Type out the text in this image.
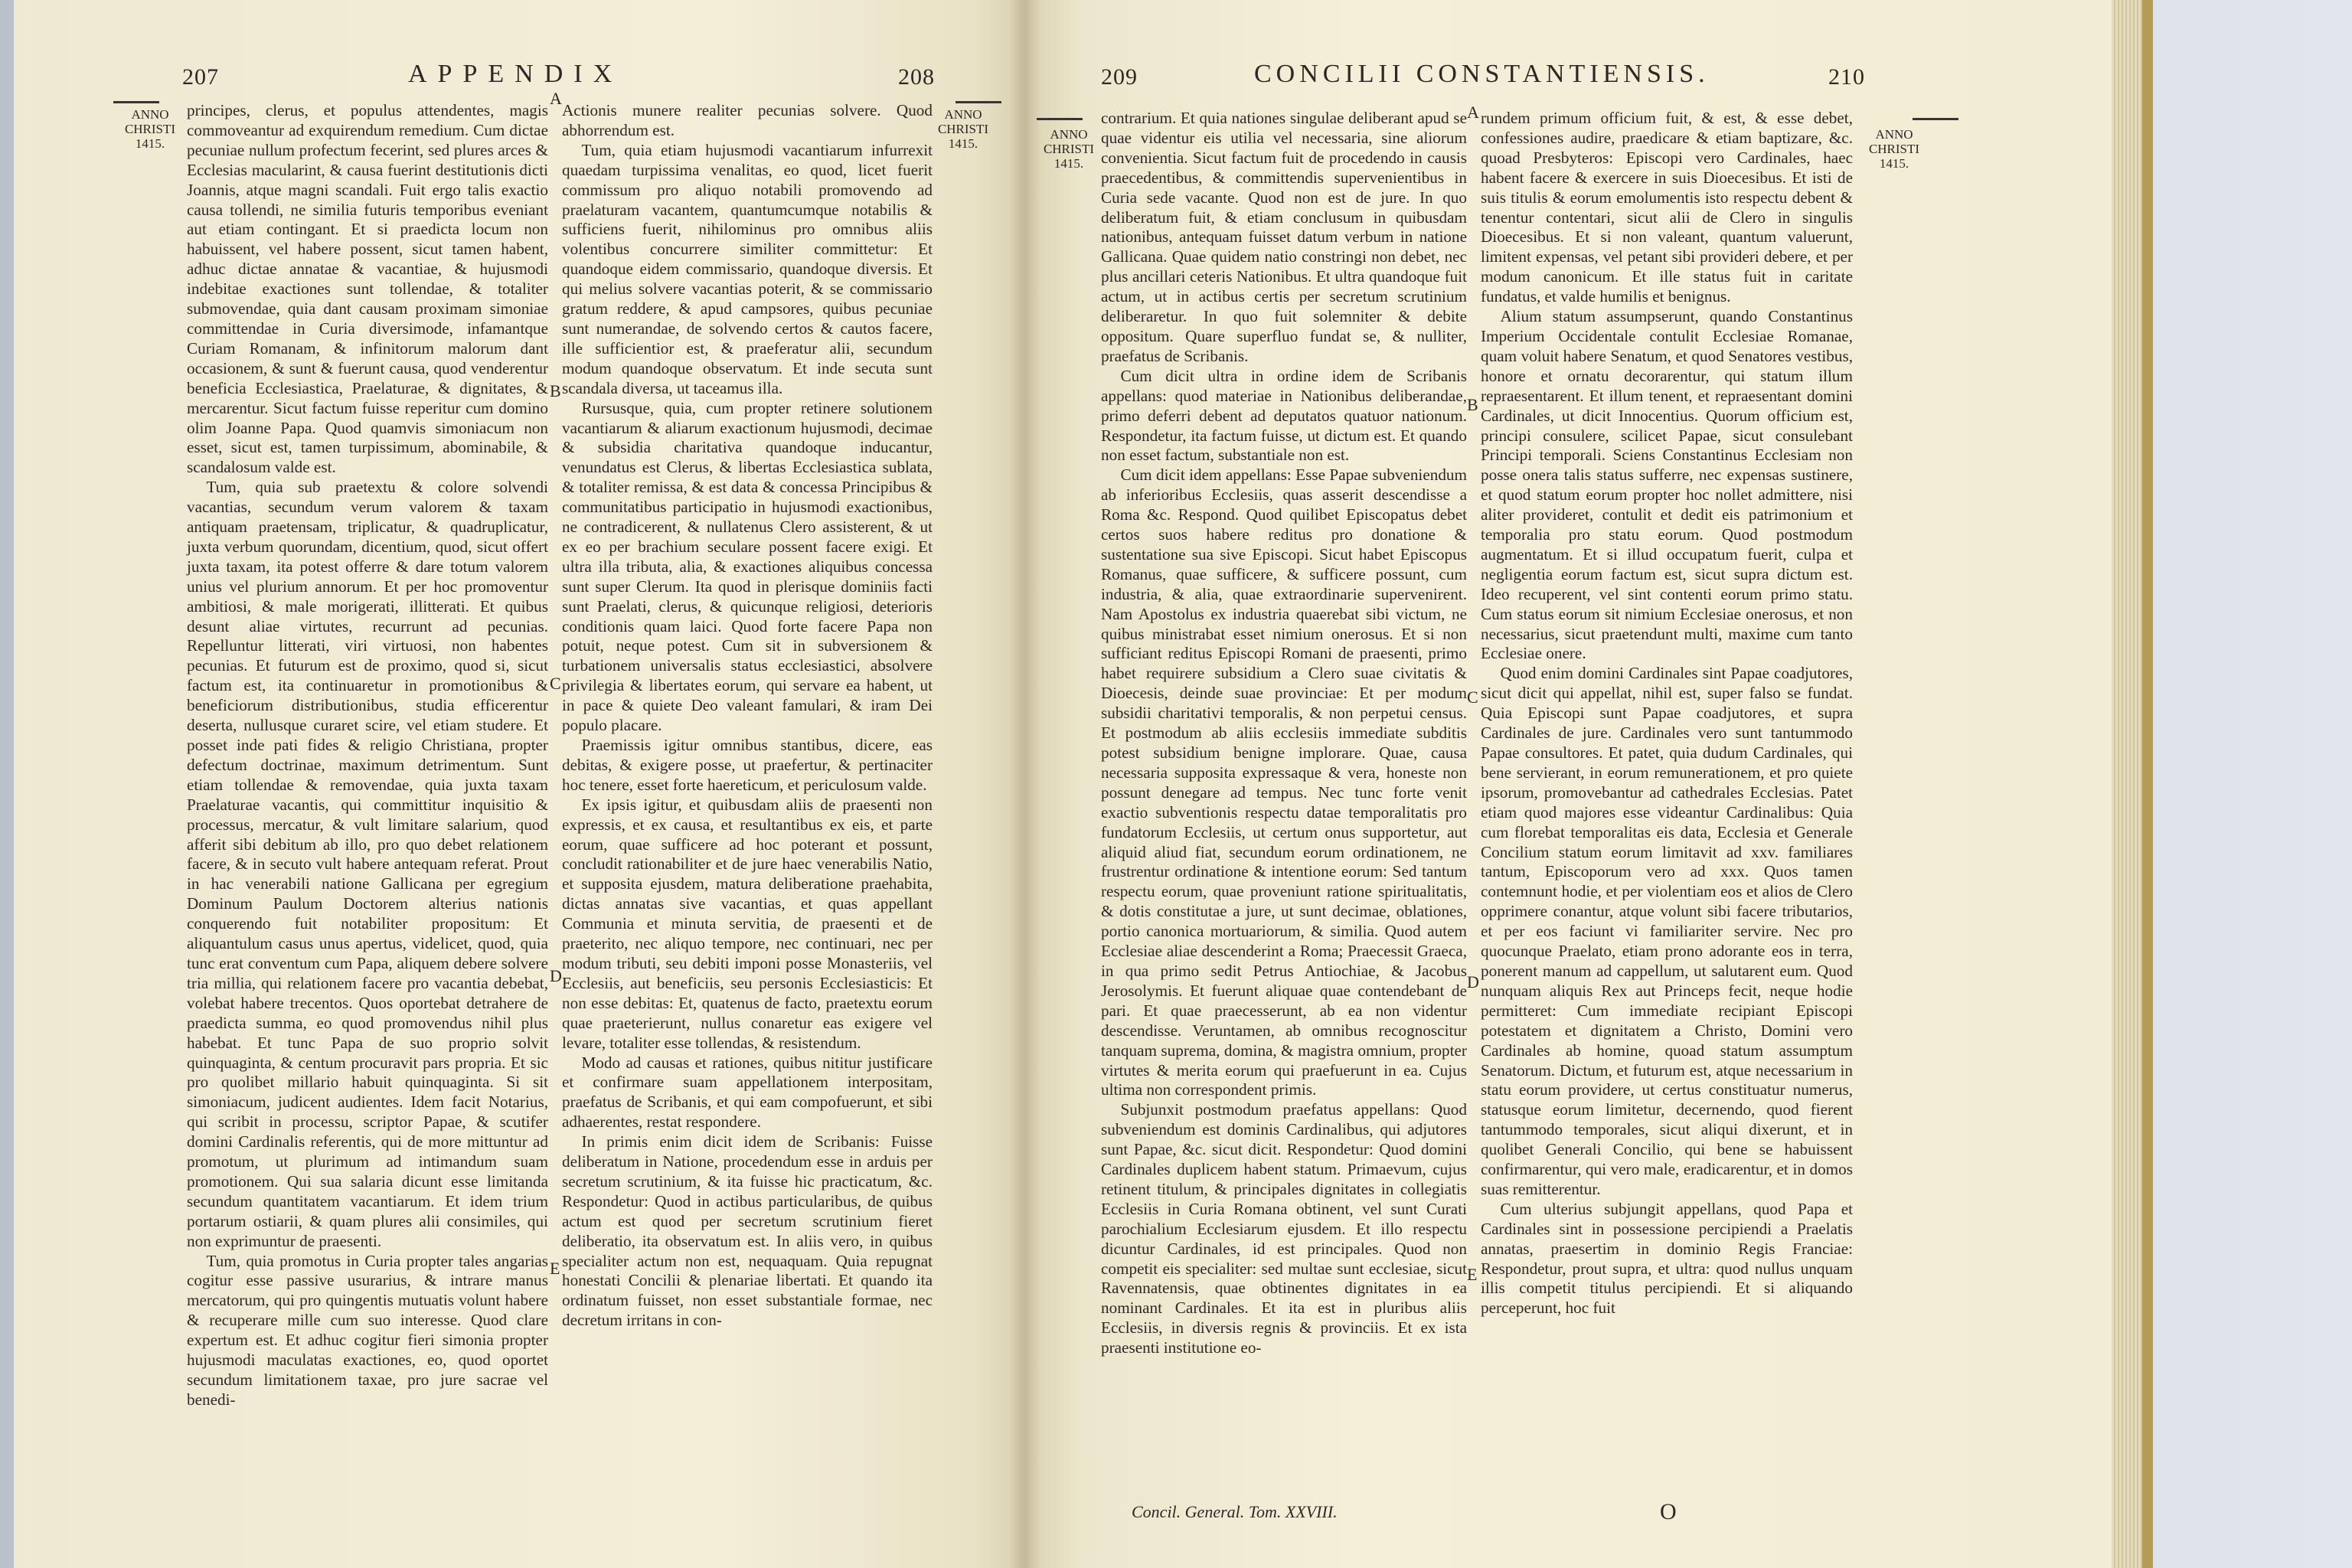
207	APPENDIX	208
ANNO
CHRISTI
1415.
ANNO
CHRISTI
1415.

principes, clerus, et populus attendentes, magis commoveantur ad exquirendum remedium. Cum dictae pecuniae nullum profectum fecerint, sed plures arces & Ecclesias macularint, & causa fuerint destitutionis dicti Joannis, atque magni scandali. Fuit ergo talis exactio causa tollendi, ne similia futuris temporibus eveniant aut etiam contingant. Et si praedicta locum non habuissent, vel habere possent, sicut tamen habent, adhuc dictae annatae & vacantiae, & hujusmodi indebitae exactiones sunt tollendae, & totaliter submovendae, quia dant causam proximam simoniae committendae in Curia diversimode, infamantque Curiam Romanam, & infinitorum malorum dant occasionem, & sunt & fuerunt causa, quod venderentur beneficia Ecclesiastica, Praelaturae, & dignitates, & mercarentur. Sicut factum fuisse reperitur cum domino olim Joanne Papa. Quod quamvis simoniacum non esset, sicut est, tamen turpissimum, abominabile, & scandalosum valde est.

Tum, quia sub praetextu & colore solvendi vacantias, secundum verum valorem & taxam antiquam praetensam, triplicatur, & quadruplicatur, juxta verbum quorundam, dicentium, quod, sicut offert juxta taxam, ita potest offerre & dare totum valorem unius vel plurium annorum. Et per hoc promoventur ambitiosi, & male morigerati, illitterati. Et quibus desunt aliae virtutes, recurrunt ad pecunias. Repelluntur litterati, viri virtuosi, non habentes pecunias. Et futurum est de proximo, quod si, sicut factum est, ita continuaretur in promotionibus & beneficiorum distributionibus, studia efficerentur deserta, nullusque curaret scire, vel etiam studere. Et posset inde pati fides & religio Christiana, propter defectum doctrinae, maximum detrimentum. Sunt etiam tollendae & removendae, quia juxta taxam Praelaturae vacantis, qui committitur inquisitio & processus, mercatur, & vult limitare salarium, quod afferit sibi debitum ab illo, pro quo debet relationem facere, & in secuto vult habere antequam referat. Prout in hac venerabili natione Gallicana per egregium Dominum Paulum Doctorem alterius nationis conquerendo fuit notabiliter propositum: Et aliquantulum casus unus apertus, videlicet, quod, quia tunc erat conventum cum Papa, aliquem debere solvere tria millia, qui relationem facere pro vacantia debebat, volebat habere trecentos. Quos oportebat detrahere de praedicta summa, eo quod promovendus nihil plus habebat. Et tunc Papa de suo proprio solvit quinquaginta, & centum procuravit pars propria. Et sic pro quolibet millario habuit quinquaginta. Si sit simoniacum, judicent audientes. Idem facit Notarius, qui scribit in processu, scriptor Papae, & scutifer domini Cardinalis referentis, qui de more mittuntur ad promotum, ut plurimum ad intimandum suam promotionem. Qui sua salaria dicunt esse limitanda secundum quantitatem vacantiarum. Et idem trium portarum ostiarii, & quam plures alii consimiles, qui non exprimuntur de praesenti.

Tum, quia promotus in Curia propter tales angarias cogitur esse passive usurarius, & intrare manus mercatorum, qui pro quingentis mutuatis volunt habere & recuperare mille cum suo interesse. Quod clare expertum est. Et adhuc cogitur fieri simonia propter hujusmodi maculatas exactiones, eo, quod oportet secundum limitationem taxae, pro jure sacrae vel benedi-

Actionis munere realiter pecunias solvere. Quod abhorrendum est.

Tum, quia etiam hujusmodi vacantiarum infurrexit quaedam turpissima venalitas, eo quod, licet fuerit commissum pro aliquo notabili promovendo ad praelaturam vacantem, quantumcumque notabilis & sufficiens fuerit, nihilominus pro omnibus aliis volentibus concurrere similiter committetur: Et quandoque eidem commissario, quandoque diversis. Et qui melius solvere vacantias poterit, & se commissario gratum reddere, & apud campsores, quibus pecuniae sunt numerandae, de solvendo certos & cautos facere, ille sufficientior est, & praeferatur alii, secundum modum quandoque observatum. Et inde secuta sunt scandala diversa, ut taceamus illa.

Rursusque, quia, cum propter retinere solutionem vacantiarum & aliarum exactionum hujusmodi, decimae & subsidia charitativa quandoque inducantur, venundatus est Clerus, & libertas Ecclesiastica sublata, & totaliter remissa, & est data & concessa Principibus & communitatibus participatio in hujusmodi exactionibus, ne contradicerent, & nullatenus Clero assisterent, & ut ex eo per brachium seculare possent facere exigi. Et ultra illa tributa, alia, & exactiones aliquibus concessa sunt super Clerum. Ita quod in plerisque dominiis facti sunt Praelati, clerus, & quicunque religiosi, deterioris conditionis quam laici. Quod forte facere Papa non potuit, neque potest. Cum sit in subversionem & turbationem universalis status ecclesiastici, absolvere privilegia & libertates eorum, qui servare ea habent, ut in pace & quiete Deo valeant famulari, & iram Dei populo placare.

Praemissis igitur omnibus stantibus, dicere, eas debitas, & exigere posse, ut praefertur, & pertinaciter hoc tenere, esset forte haereticum, et periculosum valde.

Ex ipsis igitur, et quibusdam aliis de praesenti non expressis, et ex causa, et resultantibus ex eis, et parte eorum, quae sufficere ad hoc poterant et possunt, concludit rationabiliter et de jure haec venerabilis Natio, et supposita ejusdem, matura deliberatione praehabita, dictas annatas sive vacantias, et quas appellant Communia et minuta servitia, de praesenti et de praeterito, nec aliquo tempore, nec continuari, nec per modum tributi, seu debiti imponi posse Monasteriis, vel Ecclesiis, aut beneficiis, seu personis Ecclesiasticis: Et non esse debitas: Et, quatenus de facto, praetextu eorum quae praeterierunt, nullus conaretur eas exigere vel levare, totaliter esse tollendas, & resistendum.

Modo ad causas et rationes, quibus nititur justificare et confirmare suam appellationem interpositam, praefatus de Scribanis, et qui eam compofuerunt, et sibi adhaerentes, restat respondere.

In primis enim dicit idem de Scribanis: Fuisse deliberatum in Natione, procedendum esse in arduis per secretum scrutinium, & ita fuisse hic practicatum, &c. Respondetur: Quod in actibus particularibus, de quibus actum est quod per secretum scrutinium fieret deliberatio, ita observatum est. In aliis vero, in quibus specialiter actum non est, nequaquam. Quia repugnat honestati Concilii & plenariae libertati. Et quando ita ordinatum fuisset, non esset substantiale formae, nec decretum irritans in con-

A
B
C
D
E
209	CONCILII CONSTANTIENSIS.	210
ANNO
CHRISTI
1415.
ANNO
CHRISTI
1415.

contrarium. Et quia nationes singulae deliberant apud se quae videntur eis utilia vel necessaria, sine aliorum convenientia. Sicut factum fuit de procedendo in causis praecedentibus, & committendis supervenientibus in Curia sede vacante. Quod non est de jure. In quo deliberatum fuit, & etiam conclusum in quibusdam nationibus, antequam fuisset datum verbum in natione Gallicana. Quae quidem natio constringi non debet, nec plus ancillari ceteris Nationibus. Et ultra quandoque fuit actum, ut in actibus certis per secretum scrutinium deliberaretur. In quo fuit solemniter & debite oppositum. Quare superfluo fundat se, & nulliter, praefatus de Scribanis.

Cum dicit ultra in ordine idem de Scribanis appellans: quod materiae in Nationibus deliberandae, primo deferri debent ad deputatos quatuor nationum. Respondetur, ita factum fuisse, ut dictum est. Et quando non esset factum, substantiale non est.

Cum dicit idem appellans: Esse Papae subveniendum ab inferioribus Ecclesiis, quas asserit descendisse a Roma &c. Respond. Quod quilibet Episcopatus debet certos suos habere reditus pro donatione & sustentatione sua sive Episcopi. Sicut habet Episcopus Romanus, quae sufficere, & sufficere possunt, cum industria, & alia, quae extraordinarie supervenirent. Nam Apostolus ex industria quaerebat sibi victum, ne quibus ministrabat esset nimium onerosus. Et si non sufficiant reditus Episcopi Romani de praesenti, primo habet requirere subsidium a Clero suae civitatis & Dioecesis, deinde suae provinciae: Et per modum subsidii charitativi temporalis, & non perpetui census. Et postmodum ab aliis ecclesiis immediate subditis potest subsidium benigne implorare. Quae, causa necessaria supposita expressaque & vera, honeste non possunt denegare ad tempus. Nec tunc forte venit exactio subventionis respectu datae temporalitatis pro fundatorum Ecclesiis, ut certum onus supportetur, aut aliquid aliud fiat, secundum eorum ordinationem, ne frustrentur ordinatione & intentione eorum: Sed tantum respectu eorum, quae proveniunt ratione spiritualitatis, & dotis constitutae a jure, ut sunt decimae, oblationes, portio canonica mortuariorum, & similia. Quod autem Ecclesiae aliae descenderint a Roma; Praecessit Graeca, in qua primo sedit Petrus Antiochiae, & Jacobus Jerosolymis. Et fuerunt aliquae quae contendebant de pari. Et quae praecesserunt, ab ea non videntur descendisse. Veruntamen, ab omnibus recognoscitur tanquam suprema, domina, & magistra omnium, propter virtutes & merita eorum qui praefuerunt in ea. Cujus ultima non correspondent primis.

Subjunxit postmodum praefatus appellans: Quod subveniendum est dominis Cardinalibus, qui adjutores sunt Papae, &c. sicut dicit. Respondetur: Quod domini Cardinales duplicem habent statum. Primaevum, cujus retinent titulum, & principales dignitates in collegiatis Ecclesiis in Curia Romana obtinent, vel sunt Curati parochialium Ecclesiarum ejusdem. Et illo respectu dicuntur Cardinales, id est principales. Quod non competit eis specialiter: sed multae sunt ecclesiae, sicut Ravennatensis, quae obtinentes dignitates in ea nominant Cardinales. Et ita est in pluribus aliis Ecclesiis, in diversis regnis & provinciis. Et ex ista praesenti institutione eo-

rundem primum officium fuit, & est, & esse debet, confessiones audire, praedicare & etiam baptizare, &c. quoad Presbyteros: Episcopi vero Cardinales, haec habent facere & exercere in suis Dioecesibus. Et isti de suis titulis & eorum emolumentis isto respectu debent & tenentur contentari, sicut alii de Clero in singulis Dioecesibus. Et si non valeant, quantum valuerunt, limitent expensas, vel petant sibi provideri debere, et per modum canonicum. Et ille status fuit in caritate fundatus, et valde humilis et benignus.

Alium statum assumpserunt, quando Constantinus Imperium Occidentale contulit Ecclesiae Romanae, quam voluit habere Senatum, et quod Senatores vestibus, honore et ornatu decorarentur, qui statum illum repraesentarent. Et illum tenent, et repraesentant domini Cardinales, ut dicit Innocentius. Quorum officium est, principi consulere, scilicet Papae, sicut consulebant Principi temporali. Sciens Constantinus Ecclesiam non posse onera talis status sufferre, nec expensas sustinere, et quod statum eorum propter hoc nollet admittere, nisi aliter provideret, contulit et dedit eis patrimonium et temporalia pro statu eorum. Quod postmodum augmentatum. Et si illud occupatum fuerit, culpa et negligentia eorum factum est, sicut supra dictum est. Ideo recuperent, vel sint contenti eorum primo statu. Cum status eorum sit nimium Ecclesiae onerosus, et non necessarius, sicut praetendunt multi, maxime cum tanto Ecclesiae onere.

Quod enim domini Cardinales sint Papae coadjutores, sicut dicit qui appellat, nihil est, super falso se fundat. Quia Episcopi sunt Papae coadjutores, et supra Cardinales de jure. Cardinales vero sunt tantummodo Papae consultores. Et patet, quia dudum Cardinales, qui bene servierant, in eorum remunerationem, et pro quiete ipsorum, promovebantur ad cathedrales Ecclesias. Patet etiam quod majores esse videantur Cardinalibus: Quia cum florebat temporalitas eis data, Ecclesia et Generale Concilium statum eorum limitavit ad xxv. familiares tantum, Episcoporum vero ad xxx. Quos tamen contemnunt hodie, et per violentiam eos et alios de Clero opprimere conantur, atque volunt sibi facere tributarios, et per eos faciunt vi familiariter servire. Nec pro quocunque Praelato, etiam prono adorante eos in terra, ponerent manum ad cappellum, ut salutarent eum. Quod nunquam aliquis Rex aut Princeps fecit, neque hodie permitteret: Cum immediate recipiant Episcopi potestatem et dignitatem a Christo, Domini vero Cardinales ab homine, quoad statum assumptum Senatorum. Dictum, et futurum est, atque necessarium in statu eorum providere, ut certus constituatur numerus, statusque eorum limitetur, decernendo, quod fierent tantummodo temporales, sicut aliqui dixerunt, et in quolibet Generali Concilio, qui bene se habuissent confirmarentur, qui vero male, eradicarentur, et in domos suas remitterentur.

Cum ulterius subjungit appellans, quod Papa et Cardinales sint in possessione percipiendi a Praelatis annatas, praesertim in dominio Regis Franciae: Respondetur, prout supra, et ultra: quod nullus unquam illis competit titulus percipiendi. Et si aliquando perceperunt, hoc fuit

A
B
C
D
E
Concil. General. Tom. XXVIII.	O
